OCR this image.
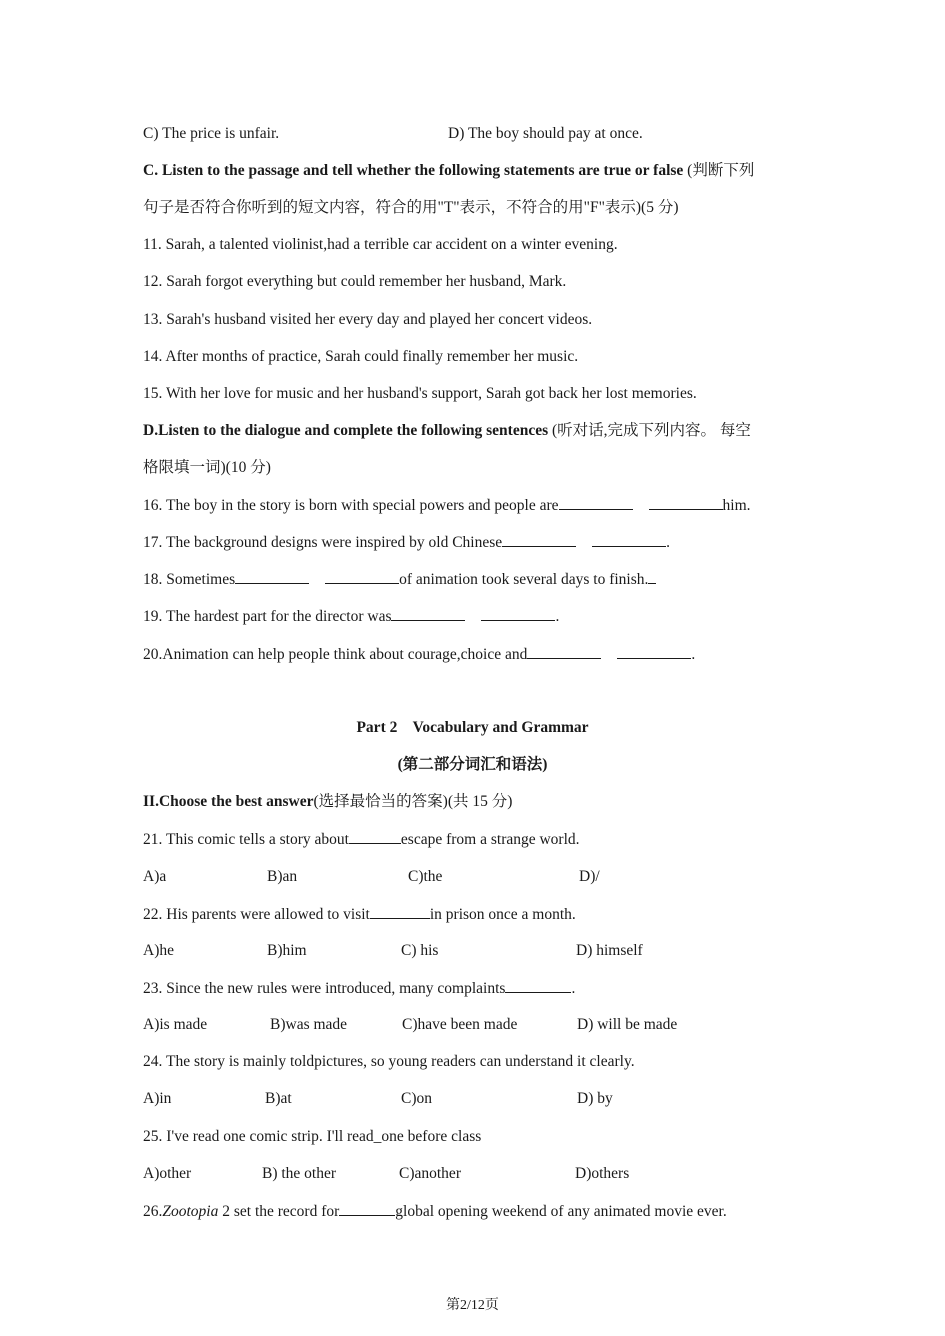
C) The price is unfair.	D) The boy should pay at once.
C. Listen to the passage and tell whether the following statements are true or false (判断下列
句子是否符合你听到的短文内容，符合的用"T"表示，不符合的用"F"表示)(5 分)
11. Sarah, a talented violinist,had a terrible car accident on a winter evening.
12. Sarah forgot everything but could remember her husband, Mark.
13. Sarah's husband visited her every day and played her concert videos.
14. After months of practice, Sarah could finally remember her music.
15. With her love for music and her husband's support, Sarah got back her lost memories.
D.Listen to the dialogue and complete the following sentences (听对话,完成下列内容。 每空
格限填一词)(10 分)
16. The boy in the story is born with special powers and people are	him.
17. The background designs were inspired by old Chinese	.
18. Sometimes	of animation took several days to finish.
19. The hardest part for the director was	.
20.Animation can help people think about courage,choice and	.
Part 2    Vocabulary and Grammar
(第二部分词汇和语法)
II.Choose the best answer(选择最恰当的答案)(共 15 分)
21. This comic tells a story about	escape from a strange world.
A)a	B)an	C)the	D)/
22. His parents were allowed to visit	in prison once a month.
A)he	B)him	C) his	D) himself
23. Since the new rules were introduced, many complaints	.
A)is made	B)was made	C)have been made	D) will be made
24. The story is mainly toldpictures, so young readers can understand it clearly.
A)in	B)at	C)on	D) by
25. I've read one comic strip. I'll read_one before class
A)other	B) the other	C)another	D)others
26.Zootopia 2 set the record for	global opening weekend of any animated movie ever.
第2/12页
